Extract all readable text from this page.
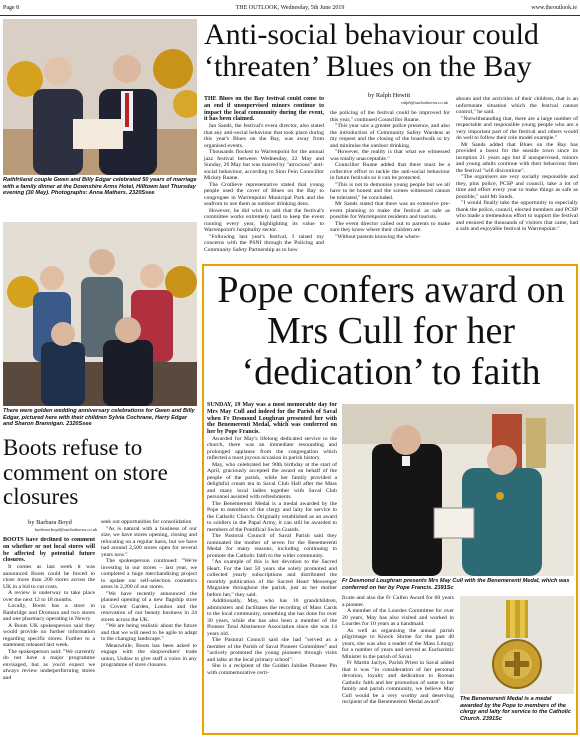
Page 8	THE OUTLOOK, Wednesday, 5th June 2019	www.theoutlook.ie
Rathfriland couple Gwen and Billy Edgar celebrated 50 years of marriage with a family dinner at the Downshire Arms Hotel, Hilltown last Thursday evening (30 May). Photographs: Anna Mathers. 2320Ssee
There were golden wedding anniversary celebrations for Gwen and Billy Edgar, pictured here with their children Sylvia Cochrane, Harry Edgar and Sharon Brannigan. 2320Ssee
Boots refuse to comment on store closures
by Barbara Boyd
barbara.boyd@outlooknews.co.uk

BOOTS have declined to comment on whether or not local stores will be affected by potential future closures.

It comes as last week it was announced Boots could be forced to close more than 200 stores across the UK in a bid to cut costs.

A review is underway to take place over the next 12 to 18 months.

Locally, Boots has a store in Banbridge and Dromara and two stores and one pharmacy operating in Newry.

A Boots UK spokesperson said they would provide no further information regarding specific stores. Further to a statement released last week.

The spokesperson said: "We currently do not have a major programme envisaged, but as you'd expect we always review underperforming stores and

seek out opportunities for consolidation

"As is natural with a business of our size, we have stores opening, closing and relocating on a regular basis, but we have had around 2,500 stores open for several years now."

The spokesperson continued: "We're investing in our stores – last year, we completed a huge merchandising project to update our self-selection cosmetics areas in 2,200 of our stores.

"We have recently announced the planned opening of a new flagship store in Covent Garden, London and the renovation of our beauty business in 24 stores across the UK.

"We are being realistic about the future and that we will need to be agile to adapt to the changing landscape."

Meanwhile, Boots has been asked to engage with the shopworkers' trade union, Usdaw to give staff a voice in any programme of store closures.

Anti-social behaviour could ‘threaten’ Blues on the Bay
by Ralph Hewitt
ralph@outlooknews.co.uk

THE Blues on the Bay festival could come to an end if unsupervised minors continue to impact the local community during the event, it has been claimed.

Ian Sands, the festival's event director, also stated that any anti-social behaviour that took place during this year's Blues on the Bay, was away from organised events.

Thousands flocked to Warrenpoint for the annual jazz festival between Wednesday, 22 May and Sunday, 26 May but was marred by "atrocious" anti-social behaviour, according to Sinn Fein Councillor Mickey Ruane.

The Crotlieve representative stated that young people used the cover of Blues on the Bay to congregate in Warrenpoint Municipal Park and the seafront to use them as outdoor drinking dens.

However, he did wish to add that the festival's committee works extremely hard to keep the event running every year, highlighting its value to Warrenpoint's hospitality sector.

"Following last year's festival, I raised my concerns with the PSNI through the Policing and Community Safety Partnership as to how

the policing of the festival could be improved for this year," continued Councillor Ruane.

"This year saw a greater police presence, and also the introduction of Community Safety Wardens at my request and the closing of the boardwalk to try and minimise the outdoor drinking.

"However, the reality is that what we witnessed was totally unacceptable."

Councillor Ruane added that there must be a collective effort to tackle the anti-social behaviour in future festivals so it can be protected.

"This is not to demonise young people but we all have to be honest and the scenes witnessed cannot be tolerated," he concluded.

Mr Sands stated that there was an extensive pre-event planning to make the festival as safe as possible for Warrenpoint residents and tourists.

The event director called out to parents to make sure they know where their children are.

"Without parents knowing the where-

abouts and the activities of their children, that is an unfortunate situation which the festival cannot control," he said.

"Notwithstanding that, there are a large number of respectable and responsible young people who are a very important part of the festival and others would do well to follow their role model example."

Mr Sands added that Blues on the Bay has provided a boost for the seaside town since its inception 21 years ago but if unsupervised, minors and young adults continue with their behaviour then the festival "will discontinue".

"The organisers are very socially responsible and they, plus police, PCSP and council, take a lot of time and effort every year to make things as safe as possible," said Mr Sands.

"I would finally take the opportunity to especially thank the police, council, elected members and PCSP who made a tremendous effort to support the festival and ensured the thousands of visitors that came, had a safe and enjoyable festival in Warrenpoint."

Pope confers award on Mrs Cull for her ‘dedication’ to faith

SUNDAY, 19 May was a most memorable day for Mrs May Cull and indeed for the Parish of Saval when Fr Desmond Loughran presented her with the Benemerenti Medal, which was conferred on her by Pope Francis.

Awarded for May's lifelong dedicated service to the church, there was an immediate resounding and prolonged applause from the congregation which reflected a most joyous occasion in parish history.

May, who celebrated her 90th birthday at the start of April, graciously accepted the award on behalf of the people of the parish, while her family provided a delightful cream tea in Saval Club Hall after the Mass and many local ladies together with Saval Club personnel assisted with refreshments.

The Benemerenti Medal is a medal awarded by the Pope to members of the clergy and laity for service to the Catholic Church. Originally established as an award to soldiers in the Papal Army, it can still be awarded to members of the Pontifical Swiss Guards.

The Pastoral Council of Saval Parish said they nominated the mother of seven for the Benemerenti Medal for many reasons, including continuing to promote the Catholic faith to the wider community.

"An example of this is her devotion to the Sacred Heart. For the last 50 years she solely promoted and collected yearly subscriptions and distributed the monthly publication of the Sacred Heart Messenger Magazine throughout the parish, just as her mother before her," they said.

Additionally, May, who has 16 grandchildren, administers and facilitates the recording of Mass Cards to the local community, something she has done for over 30 years, while she has also been a member of the Pioneer Total Abstinence Association since she was 14 years old.

The Pastoral Council said she had "served as a member of the Parish of Saval Pioneer Committee" and "actively promoted the young pioneers through visits and talks at the local primary school".

She is a recipient of the Golden Jubilee Pioneer Pin with commemorative certi-

Fr Desmond Loughran presents Mrs May Cull with the Benemerenti Medal, which was conferred on her by Pope Francis. 2391Sc

ficate and also the Fr Cullen Award for 60 years a pioneer.

A member of the Lourdes Committee for over 20 years, May has also visited and worked in Lourdes for 10 years as a handmaid.

As well as organising the annual parish pilgrimage to Knock Shrine for the past 40 years, she was also a reader of the Mass Liturgy for a number of years and served as Eucharistic Minister in the parish of Saval.

Fr Martin Jaclyn, Parish Priest in Saval added that it was "in consideration of her personal devotion, loyalty and dedication to Roman Catholic faith and her promotion of same to her family and parish community, we believe May Cull would be a very worthy and deserving recipient of the Benemerenti Medal award".	The Benemerenti Medal is a medal awarded by the Pope to members of the clergy and laity for service to the Catholic Church. 2391Sc
